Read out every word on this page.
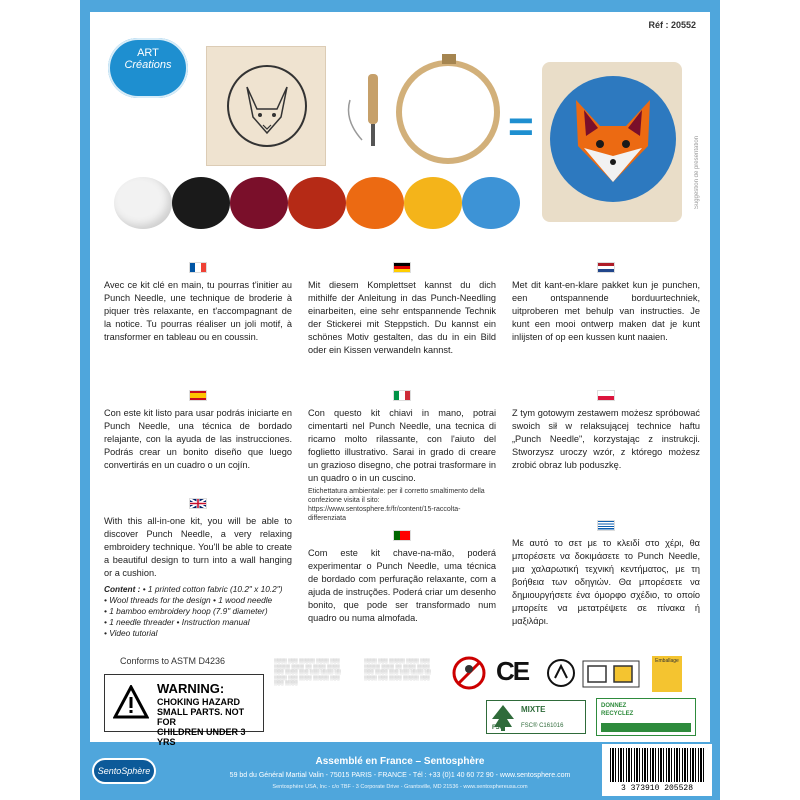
Réf : 20552
ART
Créations
=

Suggestion de présentation
Avec ce kit clé en main, tu pourras t'initier au Punch Needle, une technique de broderie à piquer très relaxante, en t'accompagnant de la notice. Tu pourras réaliser un joli motif, à transformer en tableau ou en coussin.
Mit diesem Komplettset kannst du dich mithilfe der Anleitung in das Punch-Needling einarbeiten, eine sehr entspannende Technik der Stickerei mit Steppstich. Du kannst ein schönes Motiv gestalten, das du in ein Bild oder ein Kissen verwandeln kannst.
Met dit kant-en-klare pakket kun je punchen, een ontspannende borduurtechniek, uitproberen met behulp van instructies. Je kunt een mooi ontwerp maken dat je kunt inlijsten of op een kussen kunt naaien.
Con este kit listo para usar podrás iniciarte en Punch Needle, una técnica de bordado relajante, con la ayuda de las instrucciones. Podrás crear un bonito diseño que luego convertirás en un cuadro o un cojín.
Con questo kit chiavi in mano, potrai cimentarti nel Punch Needle, una tecnica di ricamo molto rilassante, con l'aiuto del foglietto illustrativo. Sarai in grado di creare un grazioso disegno, che potrai trasformare in un quadro o in un cuscino.
Etichettatura ambientale: per il corretto smaltimento della confezione visita il sito: https://www.sentosphere.fr/fr/content/15-raccolta-differenziata
Z tym gotowym zestawem możesz spróbować swoich sił w relaksującej technice haftu „Punch Needle", korzystając z instrukcji. Stworzysz uroczy wzór, z którego możesz zrobić obraz lub poduszkę.
With this all-in-one kit, you will be able to discover Punch Needle, a very relaxing embroidery technique. You'll be able to create a beautiful design to turn into a wall hanging or a cushion.
Content : • 1 printed cotton fabric (10.2" x 10.2")
• Wool threads for the design • 1 wood needle
• 1 bamboo embroidery hoop (7.9" diameter)
• 1 needle threader • Instruction manual
• Video tutorial
Com este kit chave-na-mão, poderá experimentar o Punch Needle, uma técnica de bordado com perfuração relaxante, com a ajuda de instruções. Poderá criar um desenho bonito, que pode ser transformado num quadro ou numa almofada.
Με αυτό το σετ με το κλειδί στο χέρι, θα μπορέσετε να δοκιμάσετε το Punch Needle, μια χαλαρωτική τεχνική κεντήματος, με τη βοήθεια των οδηγιών. Θα μπορέσετε να δημιουργήσετε ένα όμορφο σχέδιο, το οποίο μπορείτε να μετατρέψετε σε πίνακα ή μαξιλάρι.
Conforms to ASTM D4236
WARNING:
CHOKING HAZARD
SMALL PARTS. NOT FOR
CHILDREN UNDER 3 YRS
░░░░ ░░░ ░░░░░ ░░░░ ░░░ ░░░░░ ░░░░ ░░ ░░░░ ░░░░ ░░░ ░░░░ ░░░ ░░░ ░░░░ ░░ ░░░░ ░░░ ░░░░ ░░░░░ ░░░ ░░░ ░░░░
░░░░ ░░░ ░░░░░ ░░░░ ░░░ ░░░░░ ░░░░ ░░ ░░░░ ░░░░ ░░░ ░░░░ ░░░ ░░░ ░░░░ ░░ ░░░░ ░░░ ░░░░ ░░░░░ ░░░	CE	Emballage
FSC
MIXTE
FSC® C161016
DONNEZ
RECYCLEZ
SentoSphère
Assemblé en France – Sentosphère
59 bd du Général Martial Valin - 75015 PARIS - FRANCE - Tél : +33 (0)1 40 60 72 90 - www.sentosphere.com
Sentosphère USA, Inc - c/o TBF - 3 Corporate Drive - Grantsville, MD 21536 - www.sentosphereusa.com	3 373910 205528
